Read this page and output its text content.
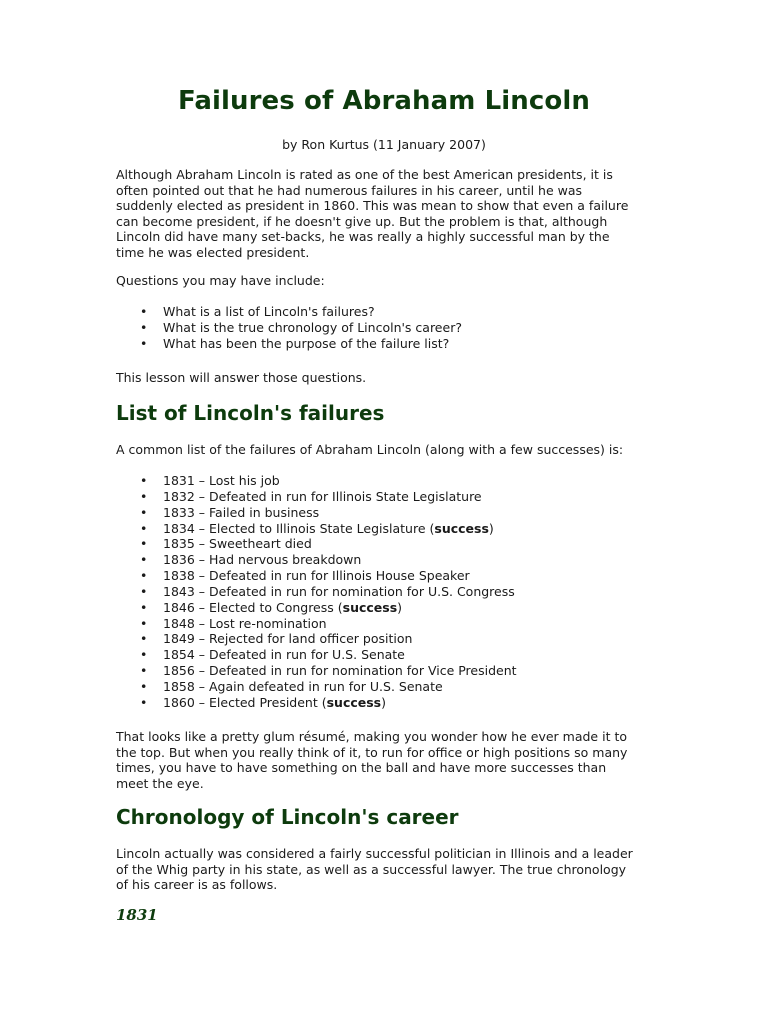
Failures of Abraham Lincoln
by Ron Kurtus (11 January 2007)
Although Abraham Lincoln is rated as one of the best American presidents, it is
often pointed out that he had numerous failures in his career, until he was
suddenly elected as president in 1860. This was mean to show that even a failure
can become president, if he doesn't give up. But the problem is that, although
Lincoln did have many set-backs, he was really a highly successful man by the
time he was elected president.
Questions you may have include:
• What is a list of Lincoln's failures?
• What is the true chronology of Lincoln's career?
• What has been the purpose of the failure list?
This lesson will answer those questions.
List of Lincoln's failures
A common list of the failures of Abraham Lincoln (along with a few successes) is:
• 1831 – Lost his job
• 1832 – Defeated in run for Illinois State Legislature
• 1833 – Failed in business
• 1834 – Elected to Illinois State Legislature (success)
• 1835 – Sweetheart died
• 1836 – Had nervous breakdown
• 1838 – Defeated in run for Illinois House Speaker
• 1843 – Defeated in run for nomination for U.S. Congress
• 1846 – Elected to Congress (success)
• 1848 – Lost re-nomination
• 1849 – Rejected for land officer position
• 1854 – Defeated in run for U.S. Senate
• 1856 – Defeated in run for nomination for Vice President
• 1858 – Again defeated in run for U.S. Senate
• 1860 – Elected President (success)
That looks like a pretty glum résumé, making you wonder how he ever made it to
the top. But when you really think of it, to run for office or high positions so many
times, you have to have something on the ball and have more successes than
meet the eye.
Chronology of Lincoln's career
Lincoln actually was considered a fairly successful politician in Illinois and a leader
of the Whig party in his state, as well as a successful lawyer. The true chronology
of his career is as follows.
1831
